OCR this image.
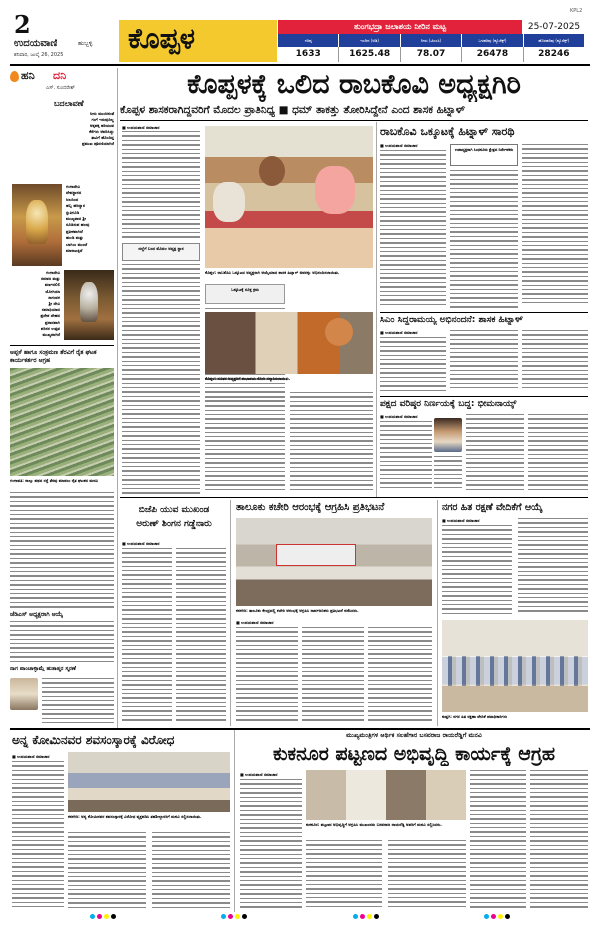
2
ಉದಯವಾಣಿ	ಹುಬ್ಬಳ್ಳಿ
ಶನಿವಾರ, ಜುಲೈ 26, 2025 ಕೊಪ್ಪಳ	ತುಂಗಭದ್ರಾ ಜಲಾಶಯ ನೀರಿನ ಮಟ್ಟ	25-07-2025
ಗರಿಷ್ಠ	ಇಂದಿನ (ಅಡಿ)	ನೀರು (ಟಿಎಂಸಿ)	ಒಳಹರಿವು (ಕ್ಯೂಸೆಕ್ಸ್)	ಹೊರಹರಿವು (ಕ್ಯೂಸೆಕ್ಸ್)
1633	1625.48	78.07	26478	28246
KPL2
ಹನಿ ದನಿ
ಎಸ್. ಸುಂದರೇಶ್
ಬದಲಾವಣೆ
ನೀರು ಮುಂಚಿನಂತೆ
ಗಂಗೆ ಇರುವುದಿಲ್ಲ
ಅಕ್ಕಪಕ್ಕ ಹರಿಯುವ
ಕೆರೆಗಳು ಆವರಿಸಿದ್ದು
ತಾವಿಗೆ ಹೊಂದಿದ್ದ
ಪ್ರಮುಖ ಪೂರಣಿಯಾಗಿದೆ
ಗಂಗಾದೇವಿ
ದೇವಸ್ಥಾನದ
ಜಲದಿಂದ
ಹಬ್ಬ ಹರಿದ್ವಾರ
ಸ್ತುತಿಗೂಡಿ
ಮುಖ್ಯವಾದ ಶ್ರೀ
ಸೂಚಿಸುವ ಹಲವು
ಪ್ರತೀಕವಾಗಿದೆ
ಹುಂಡಿ ಮತ್ತು
ಬಾಗಿಲು ಮುಂದೆ
ಮಾರಾಟಕ್ಕಿದೆ
ಗಂಗಾದೇವಿ
ಸಮಾಜ ಮತ್ತು
ವರ್ಣದಲಿಲಿ
ಯೋಗಿಯಾ
ಸಾಗುವಳಿ
ಶ್ರೀ ದೇವಿ
ಸಮಾಧಿಯಾದ
ಪ್ರದೇಶ ದೇಹದ
ಪ್ರಸಾದವಾಗಿ
ಪರಿಸರ ಉತ್ಸವ
ಮುಖ್ಯವಾಗಿದೆ
ಅಪ್ಪಳೆ ಹಾಗೂ ಸಂಕ್ರಮಣ ತೆರವಿಗೆ ರೈತ ಘಟಕ ಕಾರ್ಯಕರ್ತರ ಆಗ್ರಹ
ಗಂಗಾವತಿ: ನಾಲ್ಕು ಪಥದ ರಸ್ತೆ ತೆರವು ಮಾಡಲು ರೈತ ಘಟಕದ ಮನವಿ
ಜೆಡಿಎಸ್ ಅಧ್ಯಕ್ಷರಾಗಿ ಆಯ್ಕೆ
ನಾಗ ಪಾಂಚಾಳ್ಳಾಮ್ಗೆ ಹುತಾತ್ಮರ ಸ್ಮರಣೆ
ಕೊಪ್ಪಳಕ್ಕೆ ಒಲಿದ ರಾಬಕೊವಿ ಅಧ್ಯಕ್ಷಗಿರಿ
ಕೊಪ್ಪಳ ಶಾಸಕರಾಗಿದ್ದವರಿಗೆ ಮೊದಲ ಪ್ರಾತಿನಿಧ್ಯ ■ ಧಮ್ ತಾಕತ್ತು ತೋರಿಸಿದ್ದೇನೆ ಎಂದ ಶಾಸಕ ಹಿಟ್ನಾಳ್
■ ಉದಯವಾಣಿ ಸಮಾಚಾರ
ಜಿಲ್ಲೆಗೆ ಬಂದ ಮೊದಲ ಅಧ್ಯಕ್ಷ ಸ್ಥಾನ
ಕೊಪ್ಪಳ: ರಾಬಕೊವಿ ಒಕ್ಕೂಟದ ಅಧ್ಯಕ್ಷರಾಗಿ ಆಯ್ಕೆಯಾದ ಶಾಸಕ ಹಿಟ್ನಾಳ್ ಅವರನ್ನು ಅಭಿನಂದಿಸಲಾಯಿತು.
ಒಕ್ಕೂಟಕ್ಕೆ ಸೂಕ್ತ ಕ್ರಮ
ಕೊಪ್ಪಳ: ನೂತನ ಅಧ್ಯಕ್ಷರಿಗೆ ಶುಭಾಶಯ ಕೋರಿ ಸನ್ಮಾನಿಸಲಾಯಿತು.
ರಾಬಕೊವಿ ಒಕ್ಕೂಟಕ್ಕೆ ಹಿಟ್ನಾಳ್ ಸಾರಥಿ
■ ಉದಯವಾಣಿ ಸಮಾಚಾರ
ಉಪಾಧ್ಯಕ್ಷರಾಗಿ ಸಿಂಧನೂರು ಕ್ಷೇತ್ರದ ನಿರ್ದೇಶಕರು
ಸಿಎಂ ಸಿದ್ದರಾಮಯ್ಯ ಅಭಿನಂದನೆ: ಶಾಸಕ ಹಿಟ್ನಾಳ್
■ ಉದಯವಾಣಿ ಸಮಾಚಾರ
ಪಕ್ಷದ ವರಿಷ್ಠರ ನಿರ್ಣಯಕ್ಕೆ ಬದ್ಧ: ಭೀಮನಾಯ್ಕ್
■ ಉದಯವಾಣಿ ಸಮಾಚಾರ
ಬಿಜೆಪಿ ಯುವ ಮುಖಂಡ
ಅರುಣ್ ಶಿಂಗನ ಗಡ್ಡೆನಾರು
■ ಉದಯವಾಣಿ ಸಮಾಚಾರ
ತಾಲೂಕು ಕಚೇರಿ ಆರಂಭಕ್ಕೆ ಆಗ್ರಹಿಸಿ ಪ್ರತಿಭಟನೆ
ಕನಕಗಿರಿ: ತಾಲೂಕು ಕೇಂದ್ರದಲ್ಲಿ ಕಚೇರಿ ಆರಂಭಕ್ಕೆ ಆಗ್ರಹಿಸಿ ಸಾರ್ವಜನಿಕರು ಪ್ರತಿಭಟನೆ ನಡೆಸಿದರು.
■ ಉದಯವಾಣಿ ಸಮಾಚಾರ
ನಗರ ಹಿತ ರಕ್ಷಣೆ ವೇದಿಕೆಗೆ ಆಯ್ಕೆ
■ ಉದಯವಾಣಿ ಸಮಾಚಾರ
ಕುಷ್ಟಗಿ: ನಗರ ಹಿತ ರಕ್ಷಣಾ ವೇದಿಕೆ ಪದಾಧಿಕಾರಿಗಳು
ಅನ್ನ ಕೋಮಿನವರ ಶವಸಂಸ್ಕಾರಕ್ಕೆ ವಿರೋಧ
■ ಉದಯವಾಣಿ ಸಮಾಚಾರ
ಕನಕಗಿರಿ: ಅನ್ಯ ಕೋಮಿನವರ ಶವಸಂಸ್ಕಾರಕ್ಕೆ ವಿರೋಧ ವ್ಯಕ್ತಪಡಿಸಿ ತಹಶೀಲ್ದಾರರಿಗೆ ಮನವಿ ಸಲ್ಲಿಸಲಾಯಿತು.
ಮುಖ್ಯಮಂತ್ರಿಗಳ ಆರ್ಥಿಕ ಸಲಹೆಗಾರ ಬಸವರಾಜ ರಾಯರೆಡ್ಡಿಗೆ ಮನವಿ
ಕುಕನೂರ ಪಟ್ಟಣದ ಅಭಿವೃದ್ಧಿ ಕಾರ್ಯಕ್ಕೆ ಆಗ್ರಹ
■ ಉದಯವಾಣಿ ಸಮಾಚಾರ
ಕುಕನೂರ: ಪಟ್ಟಣದ ಅಭಿವೃದ್ಧಿಗೆ ಆಗ್ರಹಿಸಿ ಮುಖಂಡರು ಬಸವರಾಜ ರಾಯರೆಡ್ಡಿ ಅವರಿಗೆ ಮನವಿ ಸಲ್ಲಿಸಿದರು.
